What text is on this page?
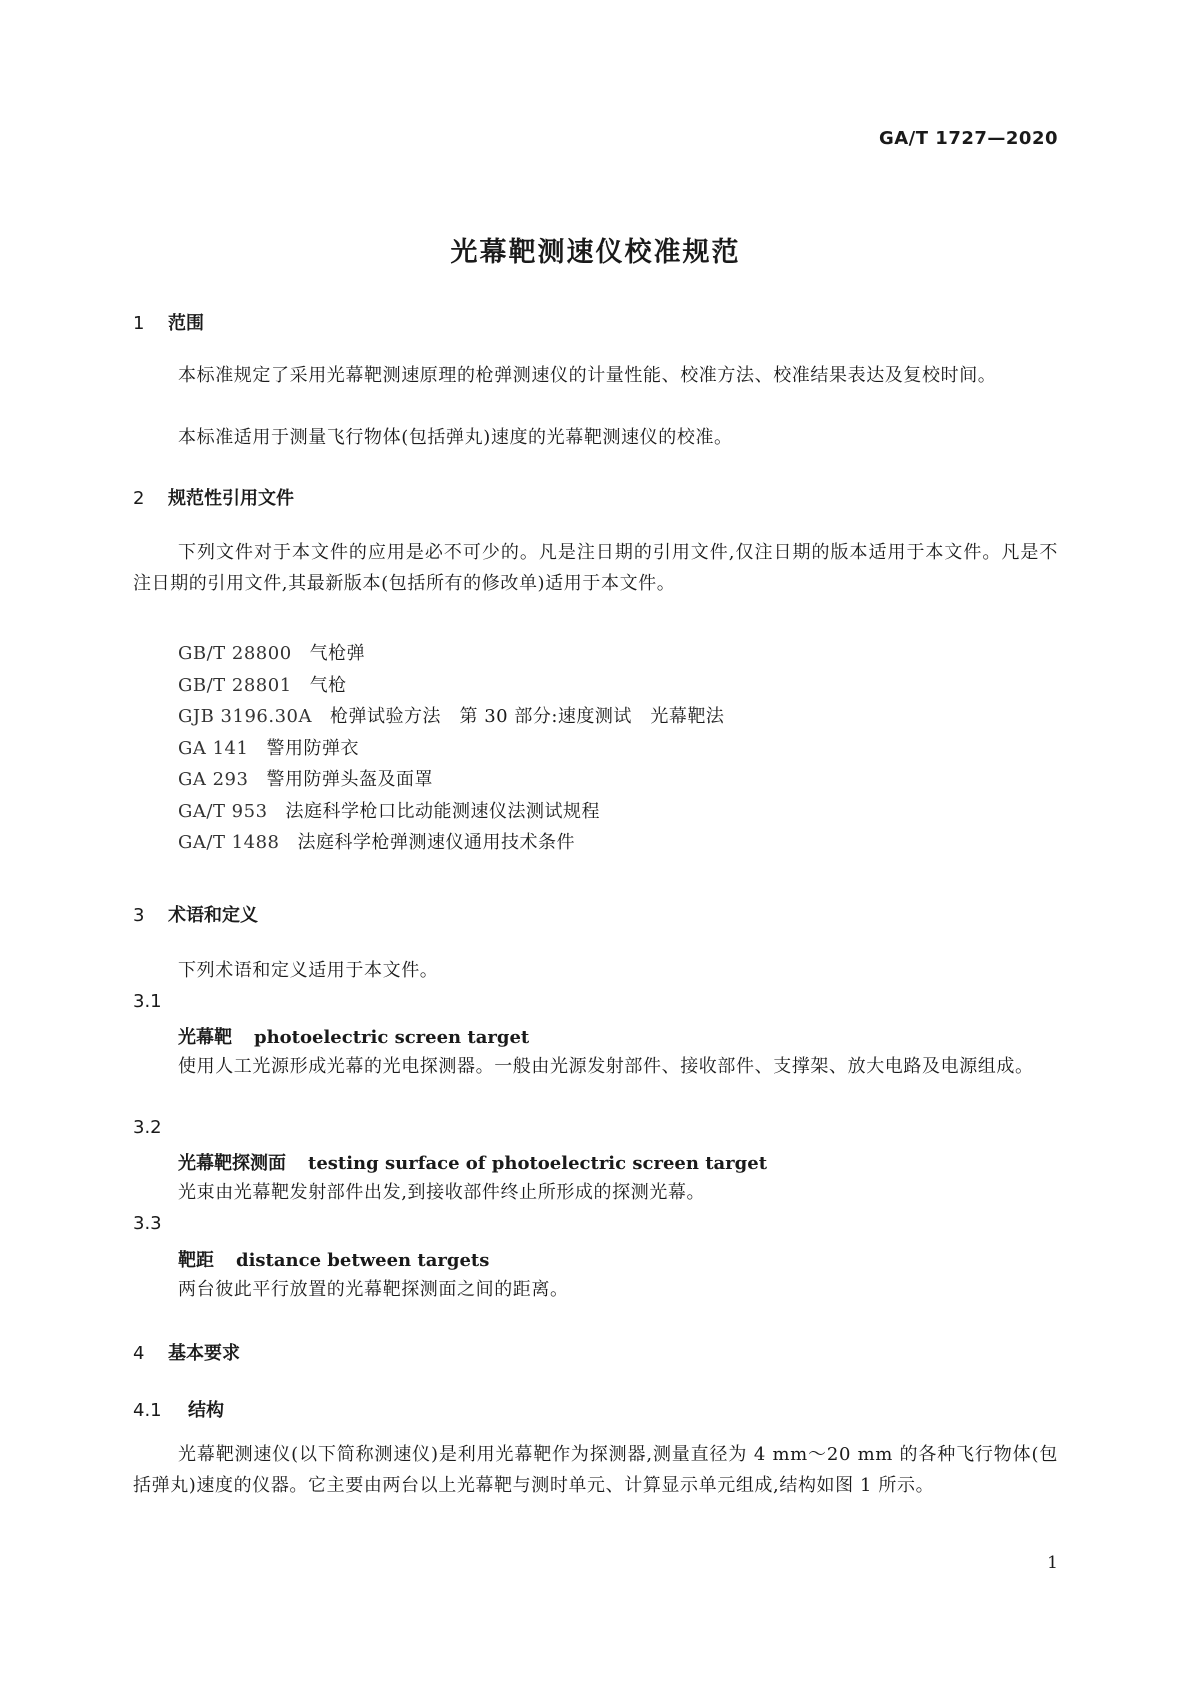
GA/T 1727—2020
光幕靶测速仪校准规范
1 范围
本标准规定了采用光幕靶测速原理的枪弹测速仪的计量性能、校准方法、校准结果表达及复校时间。
本标准适用于测量飞行物体(包括弹丸)速度的光幕靶测速仪的校准。
2 规范性引用文件
下列文件对于本文件的应用是必不可少的。凡是注日期的引用文件,仅注日期的版本适用于本文件。凡是不注日期的引用文件,其最新版本(包括所有的修改单)适用于本文件。
GB/T 28800 气枪弹
GB/T 28801 气枪
GJB 3196.30A 枪弹试验方法　第 30 部分:速度测试　光幕靶法
GA 141 警用防弹衣
GA 293 警用防弹头盔及面罩
GA/T 953 法庭科学枪口比动能测速仪法测试规程
GA/T 1488 法庭科学枪弹测速仪通用技术条件
3 术语和定义
下列术语和定义适用于本文件。
3.1
光幕靶 photoelectric screen target
使用人工光源形成光幕的光电探测器。一般由光源发射部件、接收部件、支撑架、放大电路及电源组成。
3.2
光幕靶探测面 testing surface of photoelectric screen target
光束由光幕靶发射部件出发,到接收部件终止所形成的探测光幕。
3.3
靶距 distance between targets
两台彼此平行放置的光幕靶探测面之间的距离。
4 基本要求
4.1 结构
光幕靶测速仪(以下简称测速仪)是利用光幕靶作为探测器,测量直径为 4 mm～20 mm 的各种飞行物体(包括弹丸)速度的仪器。它主要由两台以上光幕靶与测时单元、计算显示单元组成,结构如图 1 所示。
1
